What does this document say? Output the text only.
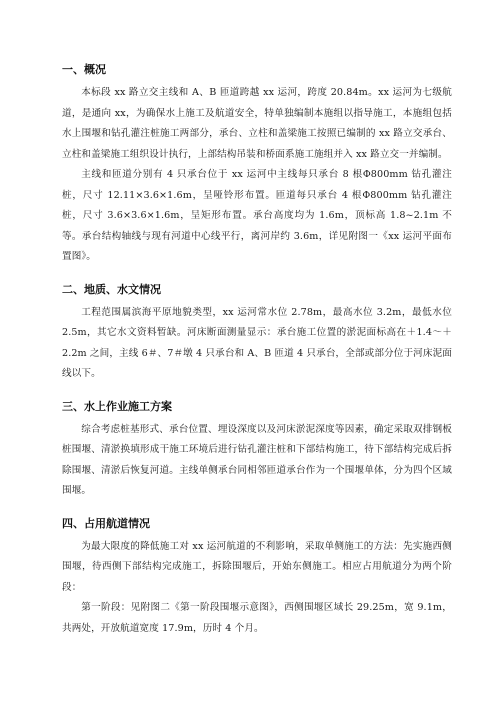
一、概况

本标段 xx 路立交主线和 A、B 匝道跨越 xx 运河，跨度 20.84m。xx 运河为七级航道，是通向 xx，为确保水上施工及航道安全，特单独编制本施组以指导施工，本施组包括水上围堰和钻孔灌注桩施工两部分，承台、立柱和盖梁施工按照已编制的 xx 路立交承台、立柱和盖梁施工组织设计执行，上部结构吊装和桥面系施工施组并入 xx 路立交一并编制。

主线和匝道分别有 4 只承台位于 xx 运河中主线每只承台 8 根Φ800mm 钻孔灌注桩，尺寸 12.11×3.6×1.6m，呈哑铃形布置。匝道每只承台 4 根Φ800mm 钻孔灌注桩，尺寸 3.6×3.6×1.6m，呈矩形布置。承台高度均为 1.6m，顶标高 1.8~2.1m 不等。承台结构轴线与现有河道中心线平行，离河岸约 3.6m，详见附图一《xx 运河平面布置图》。

二、地质、水文情况

工程范围属滨海平原地貌类型，xx 运河常水位 2.78m，最高水位 3.2m，最低水位 2.5m，其它水文资料暂缺。河床断面测量显示：承台施工位置的淤泥面标高在＋1.4～＋2.2m 之间，主线 6＃、7＃墩 4 只承台和 A、B 匝道 4 只承台，全部或部分位于河床泥面线以下。

三、水上作业施工方案

综合考虑桩基形式、承台位置、埋设深度以及河床淤泥深度等因素，确定采取双排钢板桩围堰、清淤换填形成干施工环境后进行钻孔灌注桩和下部结构施工，待下部结构完成后拆除围堰、清淤后恢复河道。主线单侧承台同相邻匝道承台作为一个围堰单体，分为四个区域围堰。

四、占用航道情况

为最大限度的降低施工对 xx 运河航道的不利影响，采取单侧施工的方法：先实施西侧围堰，待西侧下部结构完成施工，拆除围堰后，开始东侧施工。相应占用航道分为两个阶段：

第一阶段：见附图二《第一阶段围堰示意图》，西侧围堰区域长 29.25m，宽 9.1m，共两处，开放航道宽度 17.9m，历时 4 个月。
